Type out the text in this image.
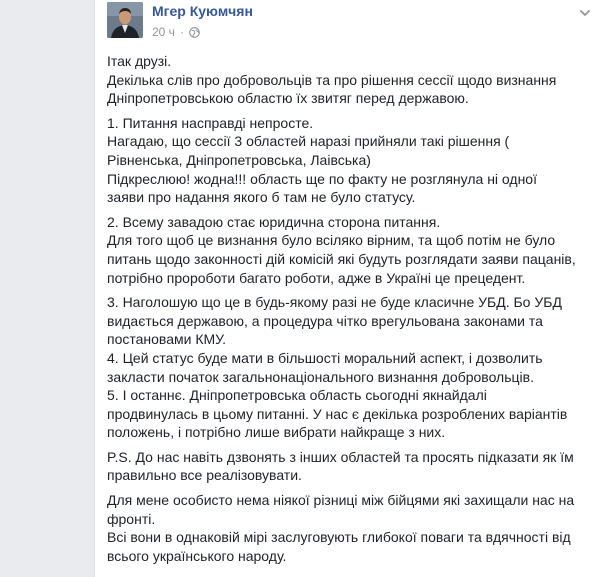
Мгер Куюмчян
20 ч ·

Ітак друзі.
Декілька слів про добровольців та про рішення сессії щодо визнання
Дніпропетровською областю їх звитяг перед державою.

1. Питання насправді непросте.
Нагадаю, що сессії 3 областей наразі прийняли такі рішення (
Рівненська, Дніпропетровська, Лаівська)
Підкреслюю! жодна!!! область ще по факту не розглянула ні одної
заяви про надання якого б там не було статусу.

2. Всему завадою стає юридична сторона питання.
Для того щоб це визнання було всіляко вірним, та щоб потім не було
питань щодо законності дій комісій які будуть розглядати заяви пацанів,
потрібно пророботи багато роботи, адже в Україні це прецедент.

3. Наголошую що це в будь-якому разі не буде класичне УБД. Бо УБД
видається державою, а процедура чітко врегульована законами та
постановами КМУ.
4. Цей статус буде мати в більшості моральний аспект, і дозволить
закласти початок загальнонаціонального визнання добровольців.
5. І останнє. Дніпропетровська область сьогодні якнайдалі
продвинулась в цьому питанні. У нас є декілька розроблених варіантів
положень, і потрібно лише вибрати найкраще з них.

P.S. До нас навіть дзвонять з інших областей та просять підказати як їм
правильно все реалізовувати.

Для мене особисто нема ніякої різниці між бійцями які захищали нас на
фронті.
Всі вони в однаковій мірі заслуговують глибокої поваги та вдячності від
всього українського народу.
